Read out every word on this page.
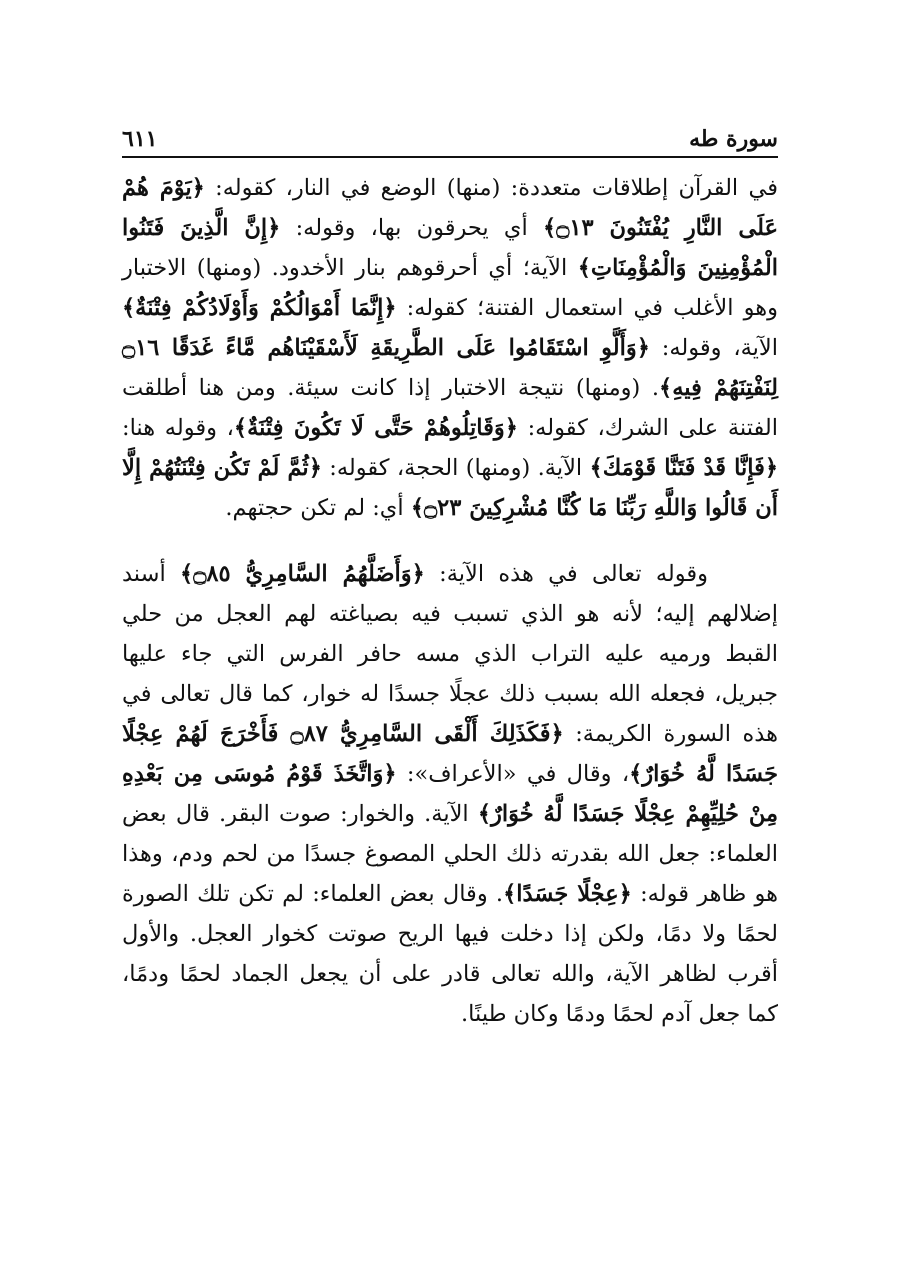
سورة طه
٦١١

في القرآن إطلاقات متعددة: (منها) الوضع في النار، كقوله: ﴿يَوْمَ هُمْ عَلَى النَّارِ يُفْتَنُونَ ۝١٣﴾ أي يحرقون بها، وقوله: ﴿إِنَّ الَّذِينَ فَتَنُوا الْمُؤْمِنِينَ وَالْمُؤْمِنَاتِ﴾ الآية؛ أي أحرقوهم بنار الأخدود. (ومنها) الاختبار وهو الأغلب في استعمال الفتنة؛ كقوله: ﴿إِنَّمَا أَمْوَالُكُمْ وَأَوْلَادُكُمْ فِتْنَةٌ﴾ الآية، وقوله: ﴿وَأَلَّوِ اسْتَقَامُوا عَلَى الطَّرِيقَةِ لَأَسْقَيْنَاهُم مَّاءً غَدَقًا ۝١٦ لِنَفْتِنَهُمْ فِيهِ﴾. (ومنها) نتيجة الاختبار إذا كانت سيئة. ومن هنا أطلقت الفتنة على الشرك، كقوله: ﴿وَقَاتِلُوهُمْ حَتَّى لَا تَكُونَ فِتْنَةٌ﴾، وقوله هنا: ﴿فَإِنَّا قَدْ فَتَنَّا قَوْمَكَ﴾ الآية. (ومنها) الحجة، كقوله: ﴿ثُمَّ لَمْ تَكُن فِتْنَتُهُمْ إِلَّا أَن قَالُوا وَاللَّهِ رَبِّنَا مَا كُنَّا مُشْرِكِينَ ۝٢٣﴾ أي: لم تكن حجتهم.

وقوله تعالى في هذه الآية: ﴿وَأَضَلَّهُمُ السَّامِرِيُّ ۝٨٥﴾ أسند إضلالهم إليه؛ لأنه هو الذي تسبب فيه بصياغته لهم العجل من حلي القبط ورميه عليه التراب الذي مسه حافر الفرس التي جاء عليها جبريل، فجعله الله بسبب ذلك عجلًا جسدًا له خوار، كما قال تعالى في هذه السورة الكريمة: ﴿فَكَذَلِكَ أَلْقَى السَّامِرِيُّ ۝٨٧ فَأَخْرَجَ لَهُمْ عِجْلًا جَسَدًا لَّهُ خُوَارٌ﴾، وقال في «الأعراف»: ﴿وَاتَّخَذَ قَوْمُ مُوسَى مِن بَعْدِهِ مِنْ حُلِيِّهِمْ عِجْلًا جَسَدًا لَّهُ خُوَارٌ﴾ الآية. والخوار: صوت البقر. قال بعض العلماء: جعل الله بقدرته ذلك الحلي المصوغ جسدًا من لحم ودم، وهذا هو ظاهر قوله: ﴿عِجْلًا جَسَدًا﴾. وقال بعض العلماء: لم تكن تلك الصورة لحمًا ولا دمًا، ولكن إذا دخلت فيها الريح صوتت كخوار العجل. والأول أقرب لظاهر الآية، والله تعالى قادر على أن يجعل الجماد لحمًا ودمًا، كما جعل آدم لحمًا ودمًا وكان طينًا.
